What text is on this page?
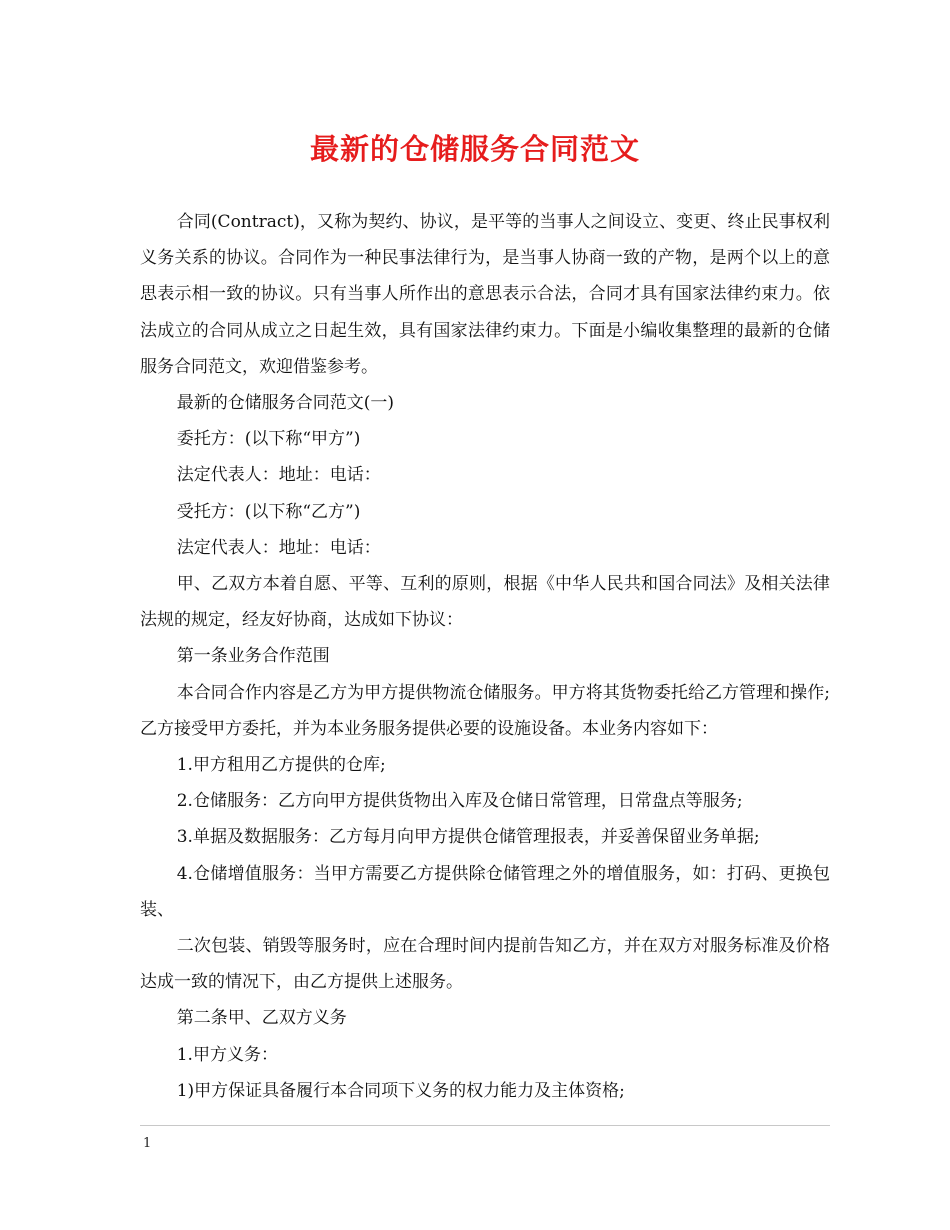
最新的仓储服务合同范文

合同(Contract)，又称为契约、协议，是平等的当事人之间设立、变更、终止民事权利义务关系的协议。合同作为一种民事法律行为，是当事人协商一致的产物，是两个以上的意思表示相一致的协议。只有当事人所作出的意思表示合法，合同才具有国家法律约束力。依法成立的合同从成立之日起生效，具有国家法律约束力。下面是小编收集整理的最新的仓储服务合同范文，欢迎借鉴参考。

最新的仓储服务合同范文(一)

委托方：(以下称“甲方”)

法定代表人：地址：电话：

受托方：(以下称“乙方”)

法定代表人：地址：电话：

甲、乙双方本着自愿、平等、互利的原则，根据《中华人民共和国合同法》及相关法律法规的规定，经友好协商，达成如下协议：

第一条业务合作范围

本合同合作内容是乙方为甲方提供物流仓储服务。甲方将其货物委托给乙方管理和操作;乙方接受甲方委托，并为本业务服务提供必要的设施设备。本业务内容如下：

1.甲方租用乙方提供的仓库;

2.仓储服务：乙方向甲方提供货物出入库及仓储日常管理，日常盘点等服务;

3.单据及数据服务：乙方每月向甲方提供仓储管理报表，并妥善保留业务单据;

4.仓储增值服务：当甲方需要乙方提供除仓储管理之外的增值服务，如：打码、更换包装、

二次包装、销毁等服务时，应在合理时间内提前告知乙方，并在双方对服务标准及价格达成一致的情况下，由乙方提供上述服务。

第二条甲、乙双方义务

1.甲方义务：

1)甲方保证具备履行本合同项下义务的权力能力及主体资格;

1
